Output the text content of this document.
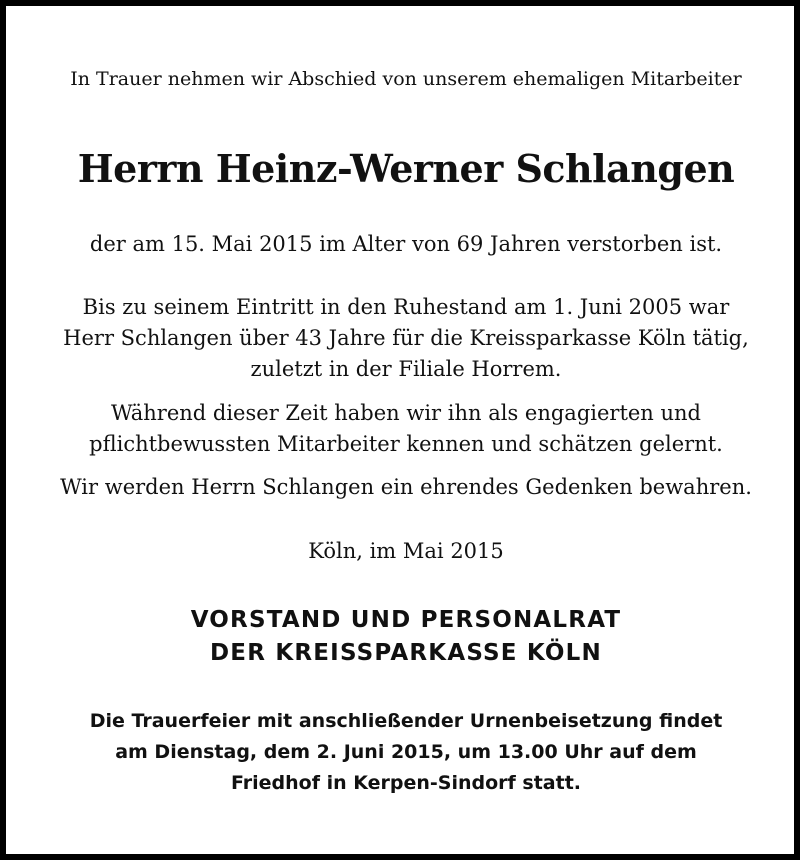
In Trauer nehmen wir Abschied von unserem ehemaligen Mitarbeiter

Herrn Heinz-Werner Schlangen

der am 15. Mai 2015 im Alter von 69 Jahren verstorben ist.

Bis zu seinem Eintritt in den Ruhestand am 1. Juni 2005 war
Herr Schlangen über 43 Jahre für die Kreissparkasse Köln tätig,
zuletzt in der Filiale Horrem.
Während dieser Zeit haben wir ihn als engagierten und
pflichtbewussten Mitarbeiter kennen und schätzen gelernt.

Wir werden Herrn Schlangen ein ehrendes Gedenken bewahren.

Köln, im Mai 2015

VORSTAND UND PERSONALRAT
DER KREISSPARKASSE KÖLN
Die Trauerfeier mit anschließender Urnenbeisetzung findet
am Dienstag, dem 2. Juni 2015, um 13.00 Uhr auf dem
Friedhof in Kerpen-Sindorf statt.
